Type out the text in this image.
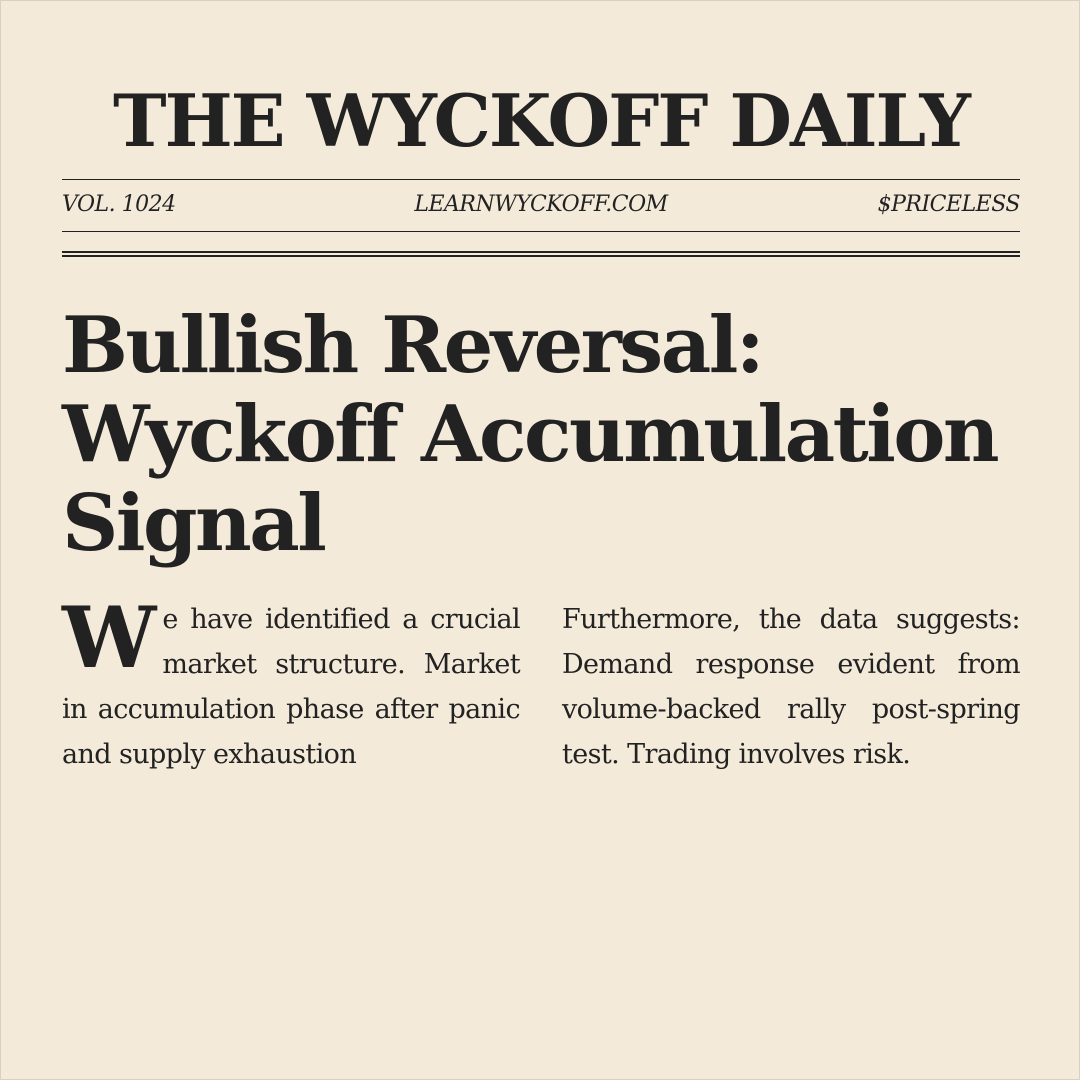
THE WYCKOFF DAILY
VOL. 1024	LEARNWYCKOFF.COM	$PRICELESS
Bullish Reversal:
Wyckoff Accumulation
Signal
W e have identified a crucial market structure. Market in accumulation phase after panic and supply exhaustion
Furthermore, the data suggests: Demand response evident from volume-backed rally post-spring test. Trading involves risk.
